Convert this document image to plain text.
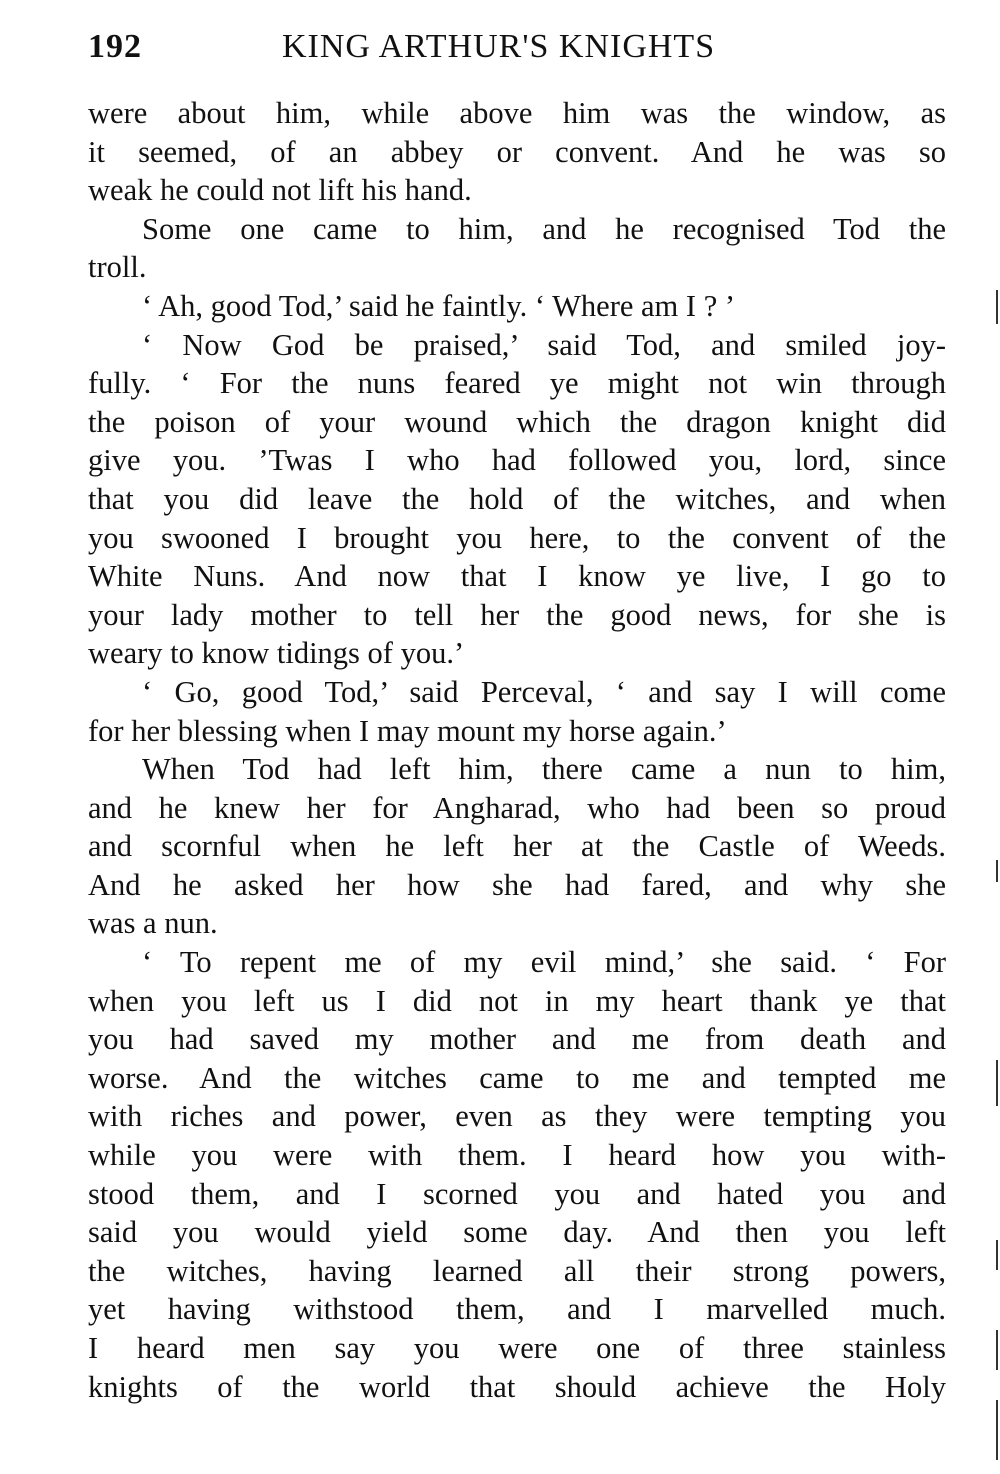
192	KING ARTHUR'S KNIGHTS
were about him, while above him was the window, as
it seemed, of an abbey or convent. And he was so
weak he could not lift his hand.
Some one came to him, and he recognised Tod the
troll.
‘ Ah, good Tod,’ said he faintly. ‘ Where am I ? ’
‘ Now God be praised,’ said Tod, and smiled joy-
fully. ‘ For the nuns feared ye might not win through
the poison of your wound which the dragon knight did
give you. ’Twas I who had followed you, lord, since
that you did leave the hold of the witches, and when
you swooned I brought you here, to the convent of the
White Nuns. And now that I know ye live, I go to
your lady mother to tell her the good news, for she is
weary to know tidings of you.’
‘ Go, good Tod,’ said Perceval, ‘ and say I will come
for her blessing when I may mount my horse again.’
When Tod had left him, there came a nun to him,
and he knew her for Angharad, who had been so proud
and scornful when he left her at the Castle of Weeds.
And he asked her how she had fared, and why she
was a nun.
‘ To repent me of my evil mind,’ she said. ‘ For
when you left us I did not in my heart thank ye that
you had saved my mother and me from death and
worse. And the witches came to me and tempted me
with riches and power, even as they were tempting you
while you were with them. I heard how you with-
stood them, and I scorned you and hated you and
said you would yield some day. And then you left
the witches, having learned all their strong powers,
yet having withstood them, and I marvelled much.
I heard men say you were one of three stainless
knights of the world that should achieve the Holy
